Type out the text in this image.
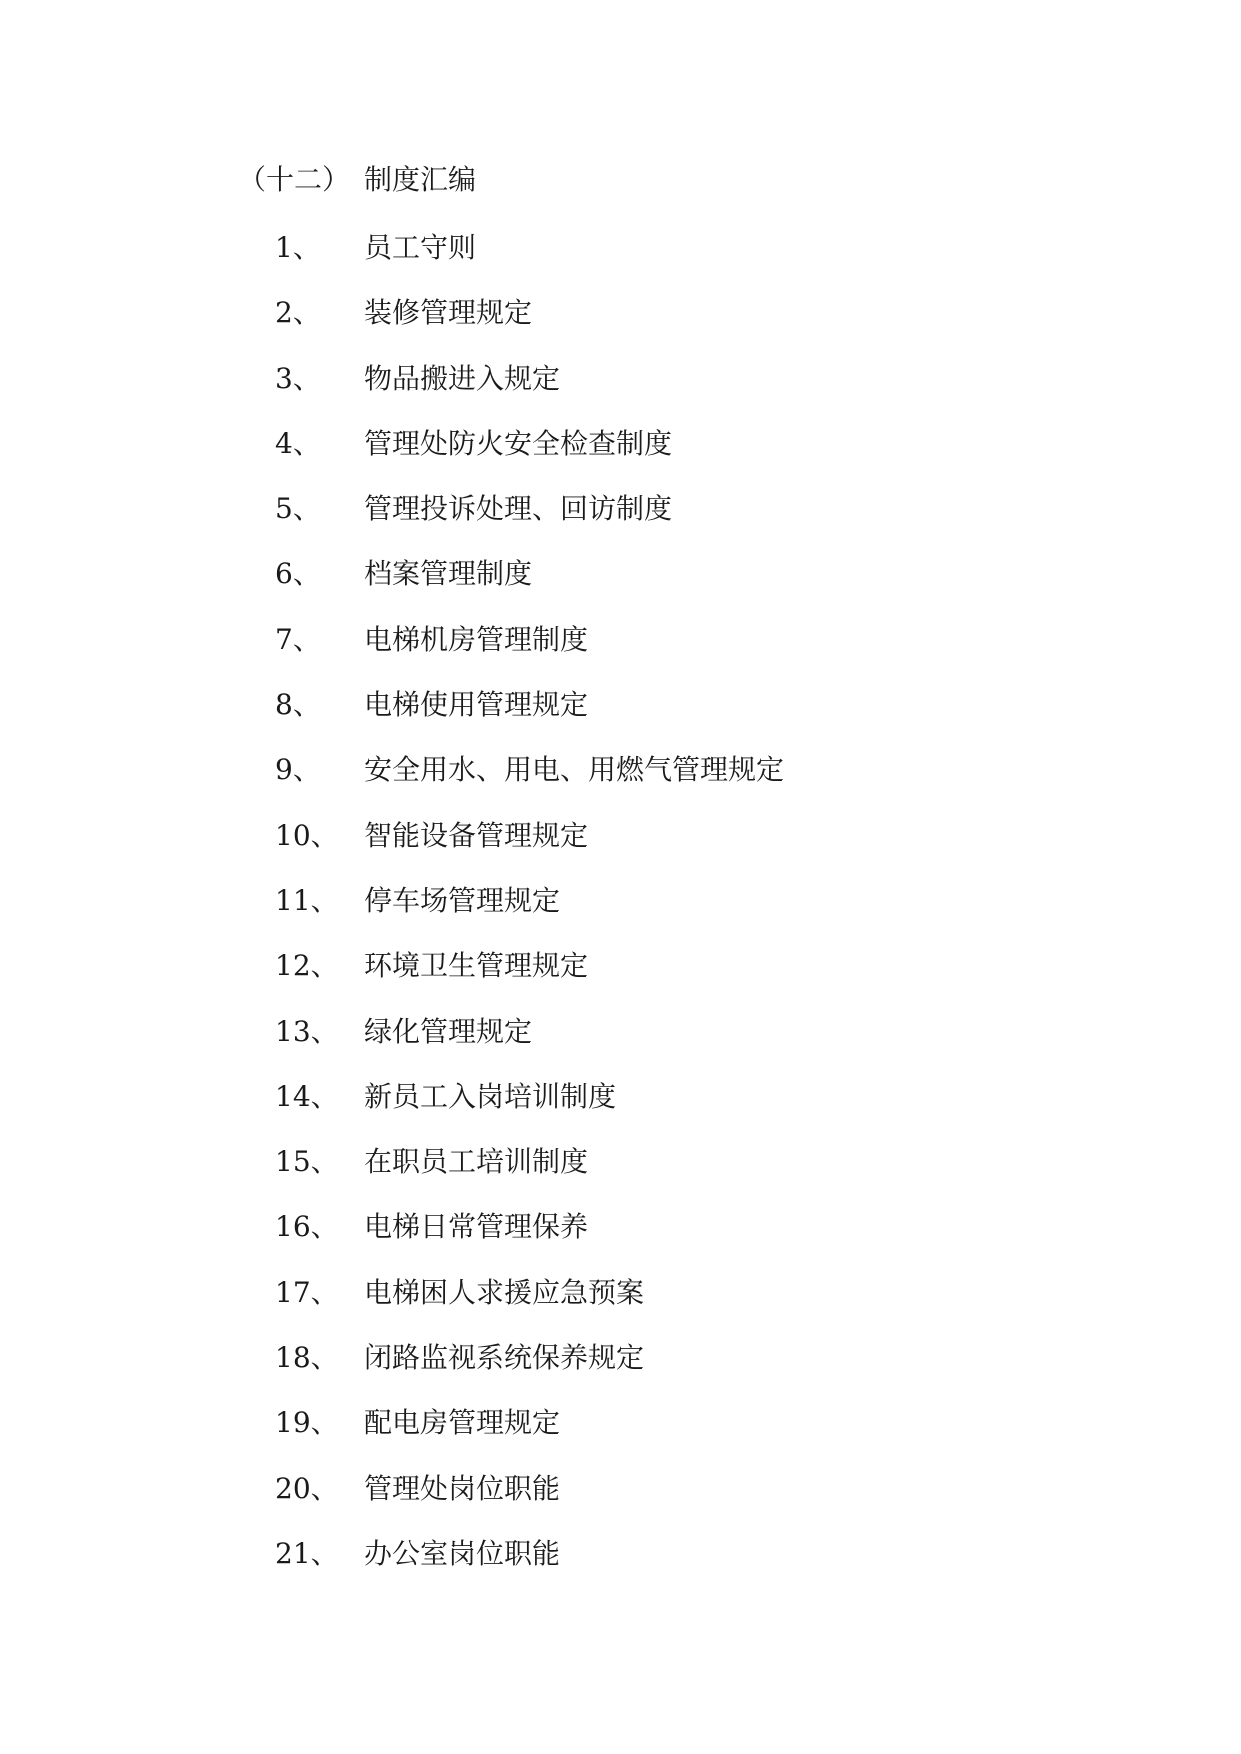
（十二） 制度汇编
1、	员工守则
2、	装修管理规定
3、	物品搬进入规定
4、	管理处防火安全检查制度
5、	管理投诉处理、回访制度
6、	档案管理制度
7、	电梯机房管理制度
8、	电梯使用管理规定
9、	安全用水、用电、用燃气管理规定
10、 智能设备管理规定
11、 停车场管理规定
12、 环境卫生管理规定
13、 绿化管理规定
14、 新员工入岗培训制度
15、 在职员工培训制度
16、 电梯日常管理保养
17、 电梯困人求援应急预案
18、 闭路监视系统保养规定
19、 配电房管理规定
20、 管理处岗位职能
21、 办公室岗位职能
